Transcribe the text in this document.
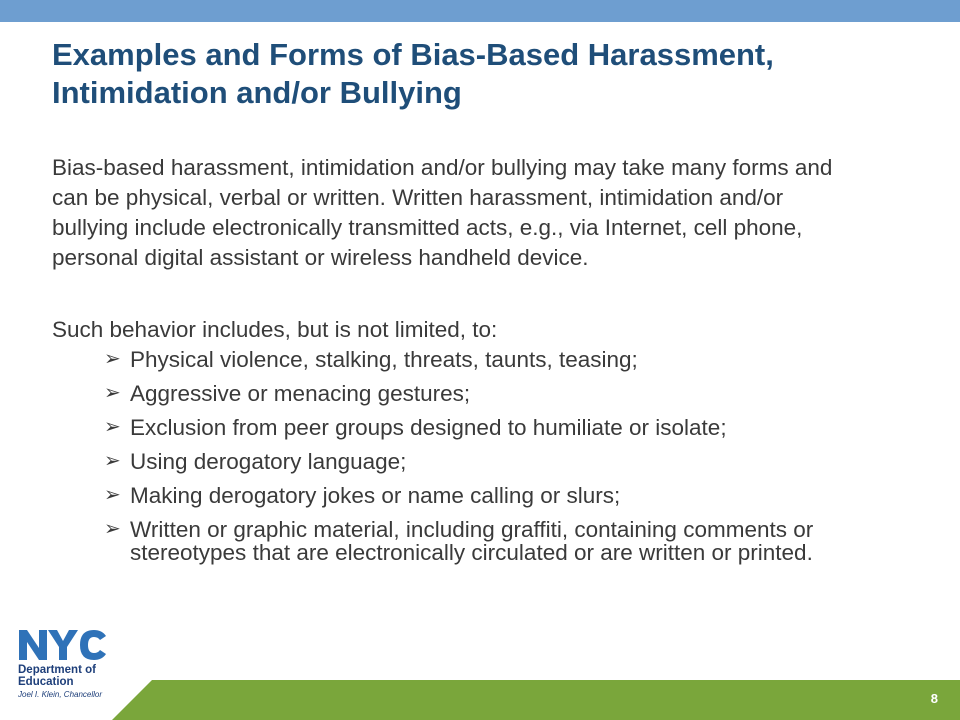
Examples and Forms of Bias-Based Harassment, Intimidation and/or Bullying

Bias-based harassment, intimidation and/or bullying may take many forms and can be physical, verbal or written. Written harassment, intimidation and/or bullying include electronically transmitted acts, e.g., via Internet, cell phone, personal digital assistant or wireless handheld device.

Such behavior includes, but is not limited, to:

➢ Physical violence, stalking, threats, taunts, teasing;
➢ Aggressive or menacing gestures;
➢ Exclusion from peer groups designed to humiliate or isolate;
➢ Using derogatory language;
➢ Making derogatory jokes or name calling or slurs;
➢ Written or graphic material, including graffiti, containing comments or stereotypes that are electronically circulated or are written or printed.

Department of Education

Joel I. Klein, Chancellor	8
